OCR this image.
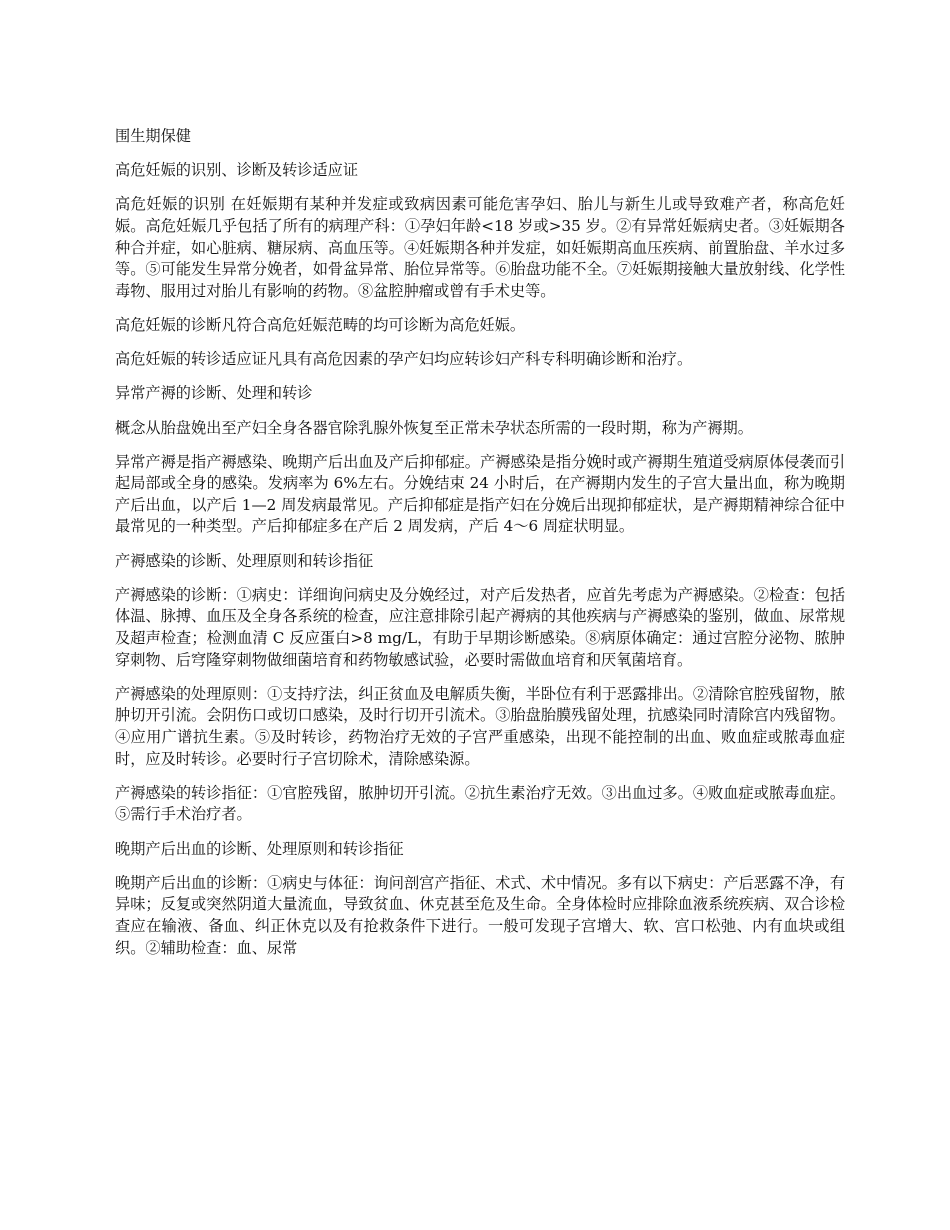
围生期保健

高危妊娠的识别、诊断及转诊适应证

高危妊娠的识别 在妊娠期有某种并发症或致病因素可能危害孕妇、胎儿与新生儿或导致难产者，称高危妊娠。高危妊娠几乎包括了所有的病理产科：①孕妇年龄<18 岁或>35 岁。②有异常妊娠病史者。③妊娠期各种合并症，如心脏病、糖尿病、高血压等。④妊娠期各种并发症，如妊娠期高血压疾病、前置胎盘、羊水过多等。⑤可能发生异常分娩者，如骨盆异常、胎位异常等。⑥胎盘功能不全。⑦妊娠期接触大量放射线、化学性毒物、服用过对胎儿有影响的药物。⑧盆腔肿瘤或曾有手术史等。

高危妊娠的诊断凡符合高危妊娠范畴的均可诊断为高危妊娠。

高危妊娠的转诊适应证凡具有高危因素的孕产妇均应转诊妇产科专科明确诊断和治疗。

异常产褥的诊断、处理和转诊

概念从胎盘娩出至产妇全身各器官除乳腺外恢复至正常未孕状态所需的一段时期，称为产褥期。

异常产褥是指产褥感染、晚期产后出血及产后抑郁症。产褥感染是指分娩时或产褥期生殖道受病原体侵袭而引起局部或全身的感染。发病率为 6%左右。分娩结束 24 小时后，在产褥期内发生的子宫大量出血，称为晚期产后出血，以产后 1—2 周发病最常见。产后抑郁症是指产妇在分娩后出现抑郁症状，是产褥期精神综合征中最常见的一种类型。产后抑郁症多在产后 2 周发病，产后 4～6 周症状明显。

产褥感染的诊断、处理原则和转诊指征

产褥感染的诊断：①病史：详细询问病史及分娩经过，对产后发热者，应首先考虑为产褥感染。②检查：包括体温、脉搏、血压及全身各系统的检查，应注意排除引起产褥病的其他疾病与产褥感染的鉴别，做血、尿常规及超声检查；检测血清 C 反应蛋白>8 mg/L，有助于早期诊断感染。⑧病原体确定：通过宫腔分泌物、脓肿穿刺物、后穹隆穿刺物做细菌培育和药物敏感试验，必要时需做血培育和厌氧菌培育。

产褥感染的处理原则：①支持疗法，纠正贫血及电解质失衡，半卧位有利于恶露排出。②清除官腔残留物，脓肿切开引流。会阴伤口或切口感染，及时行切开引流术。③胎盘胎膜残留处理，抗感染同时清除宫内残留物。④应用广谱抗生素。⑤及时转诊，药物治疗无效的子宫严重感染，出现不能控制的出血、败血症或脓毒血症时，应及时转诊。必要时行子宫切除术，清除感染源。

产褥感染的转诊指征：①官腔残留，脓肿切开引流。②抗生素治疗无效。③出血过多。④败血症或脓毒血症。⑤需行手术治疗者。

晚期产后出血的诊断、处理原则和转诊指征

晚期产后出血的诊断：①病史与体征：询问剖宫产指征、术式、术中情况。多有以下病史：产后恶露不净，有异味；反复或突然阴道大量流血，导致贫血、休克甚至危及生命。全身体检时应排除血液系统疾病、双合诊检查应在输液、备血、纠正休克以及有抢救条件下进行。一般可发现子宫增大、软、宫口松弛、内有血块或组织。②辅助检查：血、尿常
